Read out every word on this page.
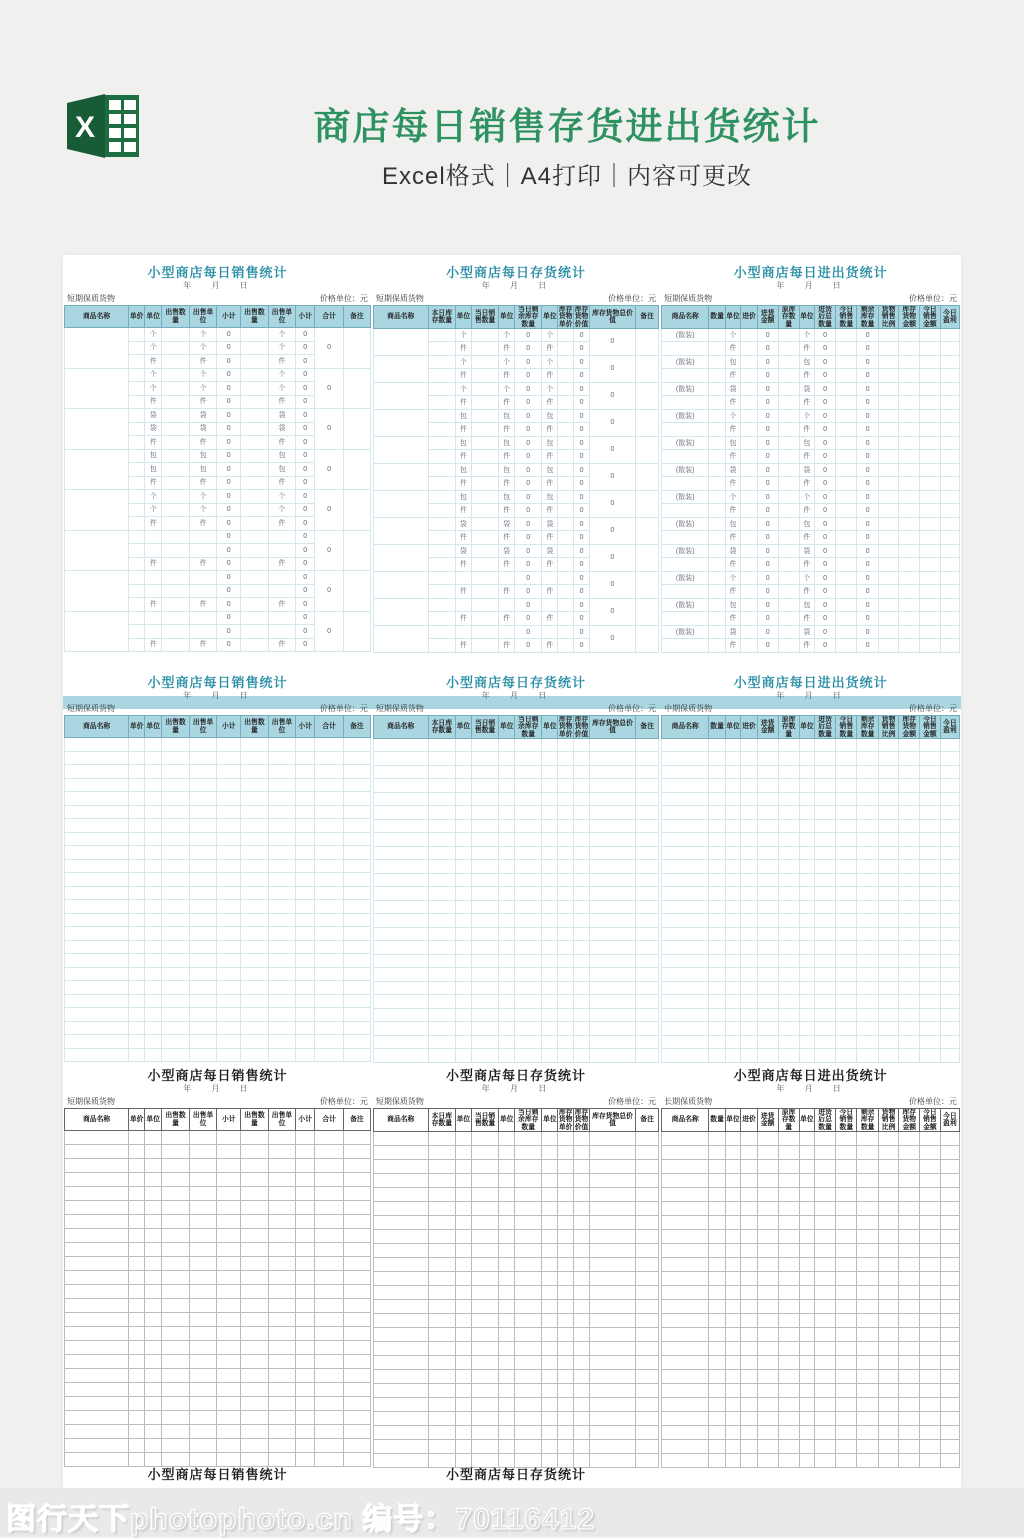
X	商店每日销售存货进出货统计
Excel格式｜A4打印｜内容可更改
小型商店每日销售统计
年 月 日
短期保质货物	价格单位：元
商品名称	单价	单位	出售数量	出售单位	小计	出售数量	出售单位	小计	合计	备注
		个		个	0		个	0	0	
		个		个	0		个	0		
		件		件	0		件	0		
		个		个	0		个	0	0	
		个		个	0		个	0		
		件		件	0		件	0		
		袋		袋	0		袋	0	0	
		袋		袋	0		袋	0		
		件		件	0		件	0		
		包		包	0		包	0	0	
		包		包	0		包	0		
		件		件	0		件	0		
		个		个	0		个	0	0	
		个		个	0		个	0		
		件		件	0		件	0		
					0			0	0	
					0			0		
		件		件	0		件	0		
					0			0	0	
					0			0		
		件		件	0		件	0		
					0			0	0	
					0			0		
		件		件	0		件	0		
小型商店每日存货统计
年 月 日
短期保质货物	价格单位：元
商品名称	本日库存数量	单位	当日销售数量	单位	当日剩余库存数量	单位	库存货物单价	库存货物价值	库存货物总价值	备注
		个		个	0	个		0	0	
		件		件	0	件		0		
		个		个	0	个		0	0	
		件		件	0	件		0		
		个		个	0	个		0	0	
		件		件	0	件		0		
		包		包	0	包		0	0	
		件		件	0	件		0		
		包		包	0	包		0	0	
		件		件	0	件		0		
		包		包	0	包		0	0	
		件		件	0	件		0		
		包		包	0	包		0	0	
		件		件	0	件		0		
		袋		袋	0	袋		0	0	
		件		件	0	件		0		
		袋		袋	0	袋		0	0	
		件		件	0	件		0		
					0			0	0	
		件		件	0	件		0		
					0			0	0	
		件		件	0	件		0		
					0			0	0	
		件		件	0	件		0		
小型商店每日进出货统计
年 月 日
短期保质货物	价格单位：元
商品名称	数量	单位	进价	进货金额	原库存数量	单位	进货后总数量	今日销售数量	剩余库存数量	货物销售比例	库存货物金额	今日销售金额	今日盈利
(散装)		个		0		个	0		0				
		件		0		件	0		0				
(散装)		包		0		包	0		0				
		件		0		件	0		0				
(散装)		袋		0		袋	0		0				
		件		0		件	0		0				
(散装)		个		0		个	0		0				
		件		0		件	0		0				
(散装)		包		0		包	0		0				
		件		0		件	0		0				
(散装)		袋		0		袋	0		0				
		件		0		件	0		0				
(散装)		个		0		个	0		0				
		件		0		件	0		0				
(散装)		包		0		包	0		0				
		件		0		件	0		0				
(散装)		袋		0		袋	0		0				
		件		0		件	0		0				
(散装)		个		0		个	0		0				
		件		0		件	0		0				
(散装)		包		0		包	0		0				
		件		0		件	0		0				
(散装)		袋		0		袋	0		0				
		件		0		件	0		0				
小型商店每日销售统计
年 月 日
短期保质货物	价格单位：元
商品名称	单价	单位	出售数量	出售单位	小计	出售数量	出售单位	小计	合计	备注

小型商店每日存货统计
年 月 日
短期保质货物	价格单位：元
商品名称	本日库存数量	单位	当日销售数量	单位	当日剩余库存数量	单位	库存货物单价	库存货物价值	库存货物总价值	备注

小型商店每日进出货统计
年 月 日
中期保质货物	价格单位：元
商品名称	数量	单位	进价	进货金额	原库存数量	单位	进货后总数量	今日销售数量	剩余库存数量	货物销售比例	库存货物金额	今日销售金额	今日盈利

小型商店每日销售统计
年 月 日
短期保质货物	价格单位：元
商品名称	单价	单位	出售数量	出售单位	小计	出售数量	出售单位	小计	合计	备注

小型商店每日存货统计
年 月 日
短期保质货物	价格单位：元
商品名称	本日库存数量	单位	当日销售数量	单位	当日剩余库存数量	单位	库存货物单价	库存货物价值	库存货物总价值	备注

小型商店每日进出货统计
年 月 日
长期保质货物	价格单位：元
商品名称	数量	单位	进价	进货金额	原库存数量	单位	进货后总数量	今日销售数量	剩余库存数量	货物销售比例	库存货物金额	今日销售金额	今日盈利

小型商店每日销售统计	小型商店每日存货统计
图行天下photophoto.cn 编号：70116412
